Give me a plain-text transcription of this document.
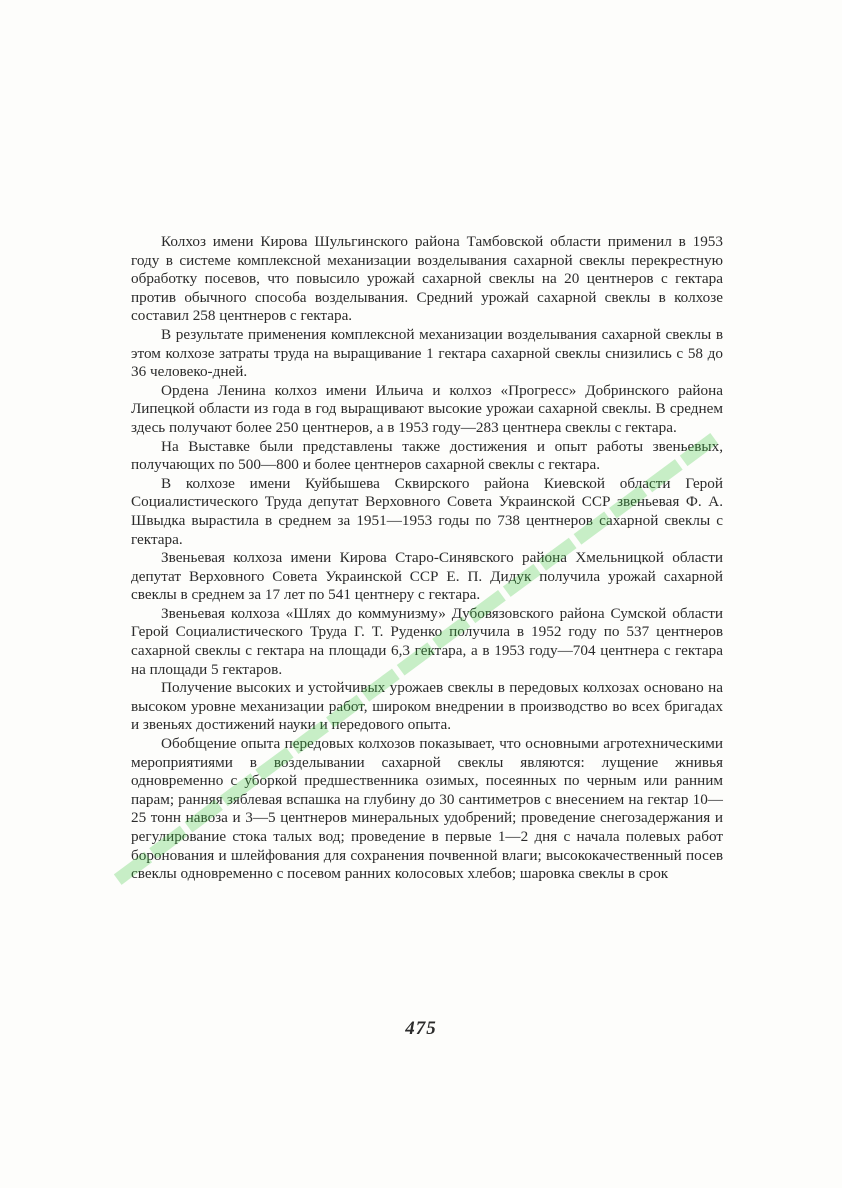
Колхоз имени Кирова Шульгинского района Тамбовской области применил в 1953 году в системе комплексной механизации возделывания сахарной свеклы перекрестную обработку посевов, что повысило урожай сахарной свеклы на 20 центнеров с гектара против обычного способа возделывания. Средний урожай сахарной свеклы в колхозе составил 258 центнеров с гектара.

В результате применения комплексной механизации возделывания сахарной свеклы в этом колхозе затраты труда на выращивание 1 гектара сахарной свеклы снизились с 58 до 36 человеко-дней.

Ордена Ленина колхоз имени Ильича и колхоз «Прогресс» Добринского района Липецкой области из года в год выращивают высокие урожаи сахарной свеклы. В среднем здесь получают более 250 центнеров, а в 1953 году—283 центнера свеклы с гектара.

На Выставке были представлены также достижения и опыт работы звеньевых, получающих по 500—800 и более центнеров сахарной свеклы с гектара.

В колхозе имени Куйбышева Сквирского района Киевской области Герой Социалистического Труда депутат Верховного Совета Украинской ССР звеньевая Ф. А. Швыдка вырастила в среднем за 1951—1953 годы по 738 центнеров сахарной свеклы с гектара.

Звеньевая колхоза имени Кирова Старо-Синявского района Хмельницкой области депутат Верховного Совета Украинской ССР Е. П. Дидук получила урожай сахарной свеклы в среднем за 17 лет по 541 центнеру с гектара.

Звеньевая колхоза «Шлях до коммунизму» Дубовязовского района Сумской области Герой Социалистического Труда Г. Т. Руденко получила в 1952 году по 537 центнеров сахарной свеклы с гектара на площади 6,3 гектара, а в 1953 году—704 центнера с гектара на площади 5 гектаров.

Получение высоких и устойчивых урожаев свеклы в передовых колхозах основано на высоком уровне механизации работ, широком внедрении в производство во всех бригадах и звеньях достижений науки и передового опыта.

Обобщение опыта передовых колхозов показывает, что основными агротехническими мероприятиями в возделывании сахарной свеклы являются: лущение жнивья одновременно с уборкой предшественника озимых, посеянных по черным или ранним парам; ранняя зяблевая вспашка на глубину до 30 сантиметров с внесением на гектар 10—25 тонн навоза и 3—5 центнеров минеральных удобрений; проведение снегозадержания и регулирование стока талых вод; проведение в первые 1—2 дня с начала полевых работ боронования и шлейфования для сохранения почвенной влаги; высококачественный посев свеклы одновременно с посевом ранних колосовых хлебов; шаровка свеклы в срок

475
